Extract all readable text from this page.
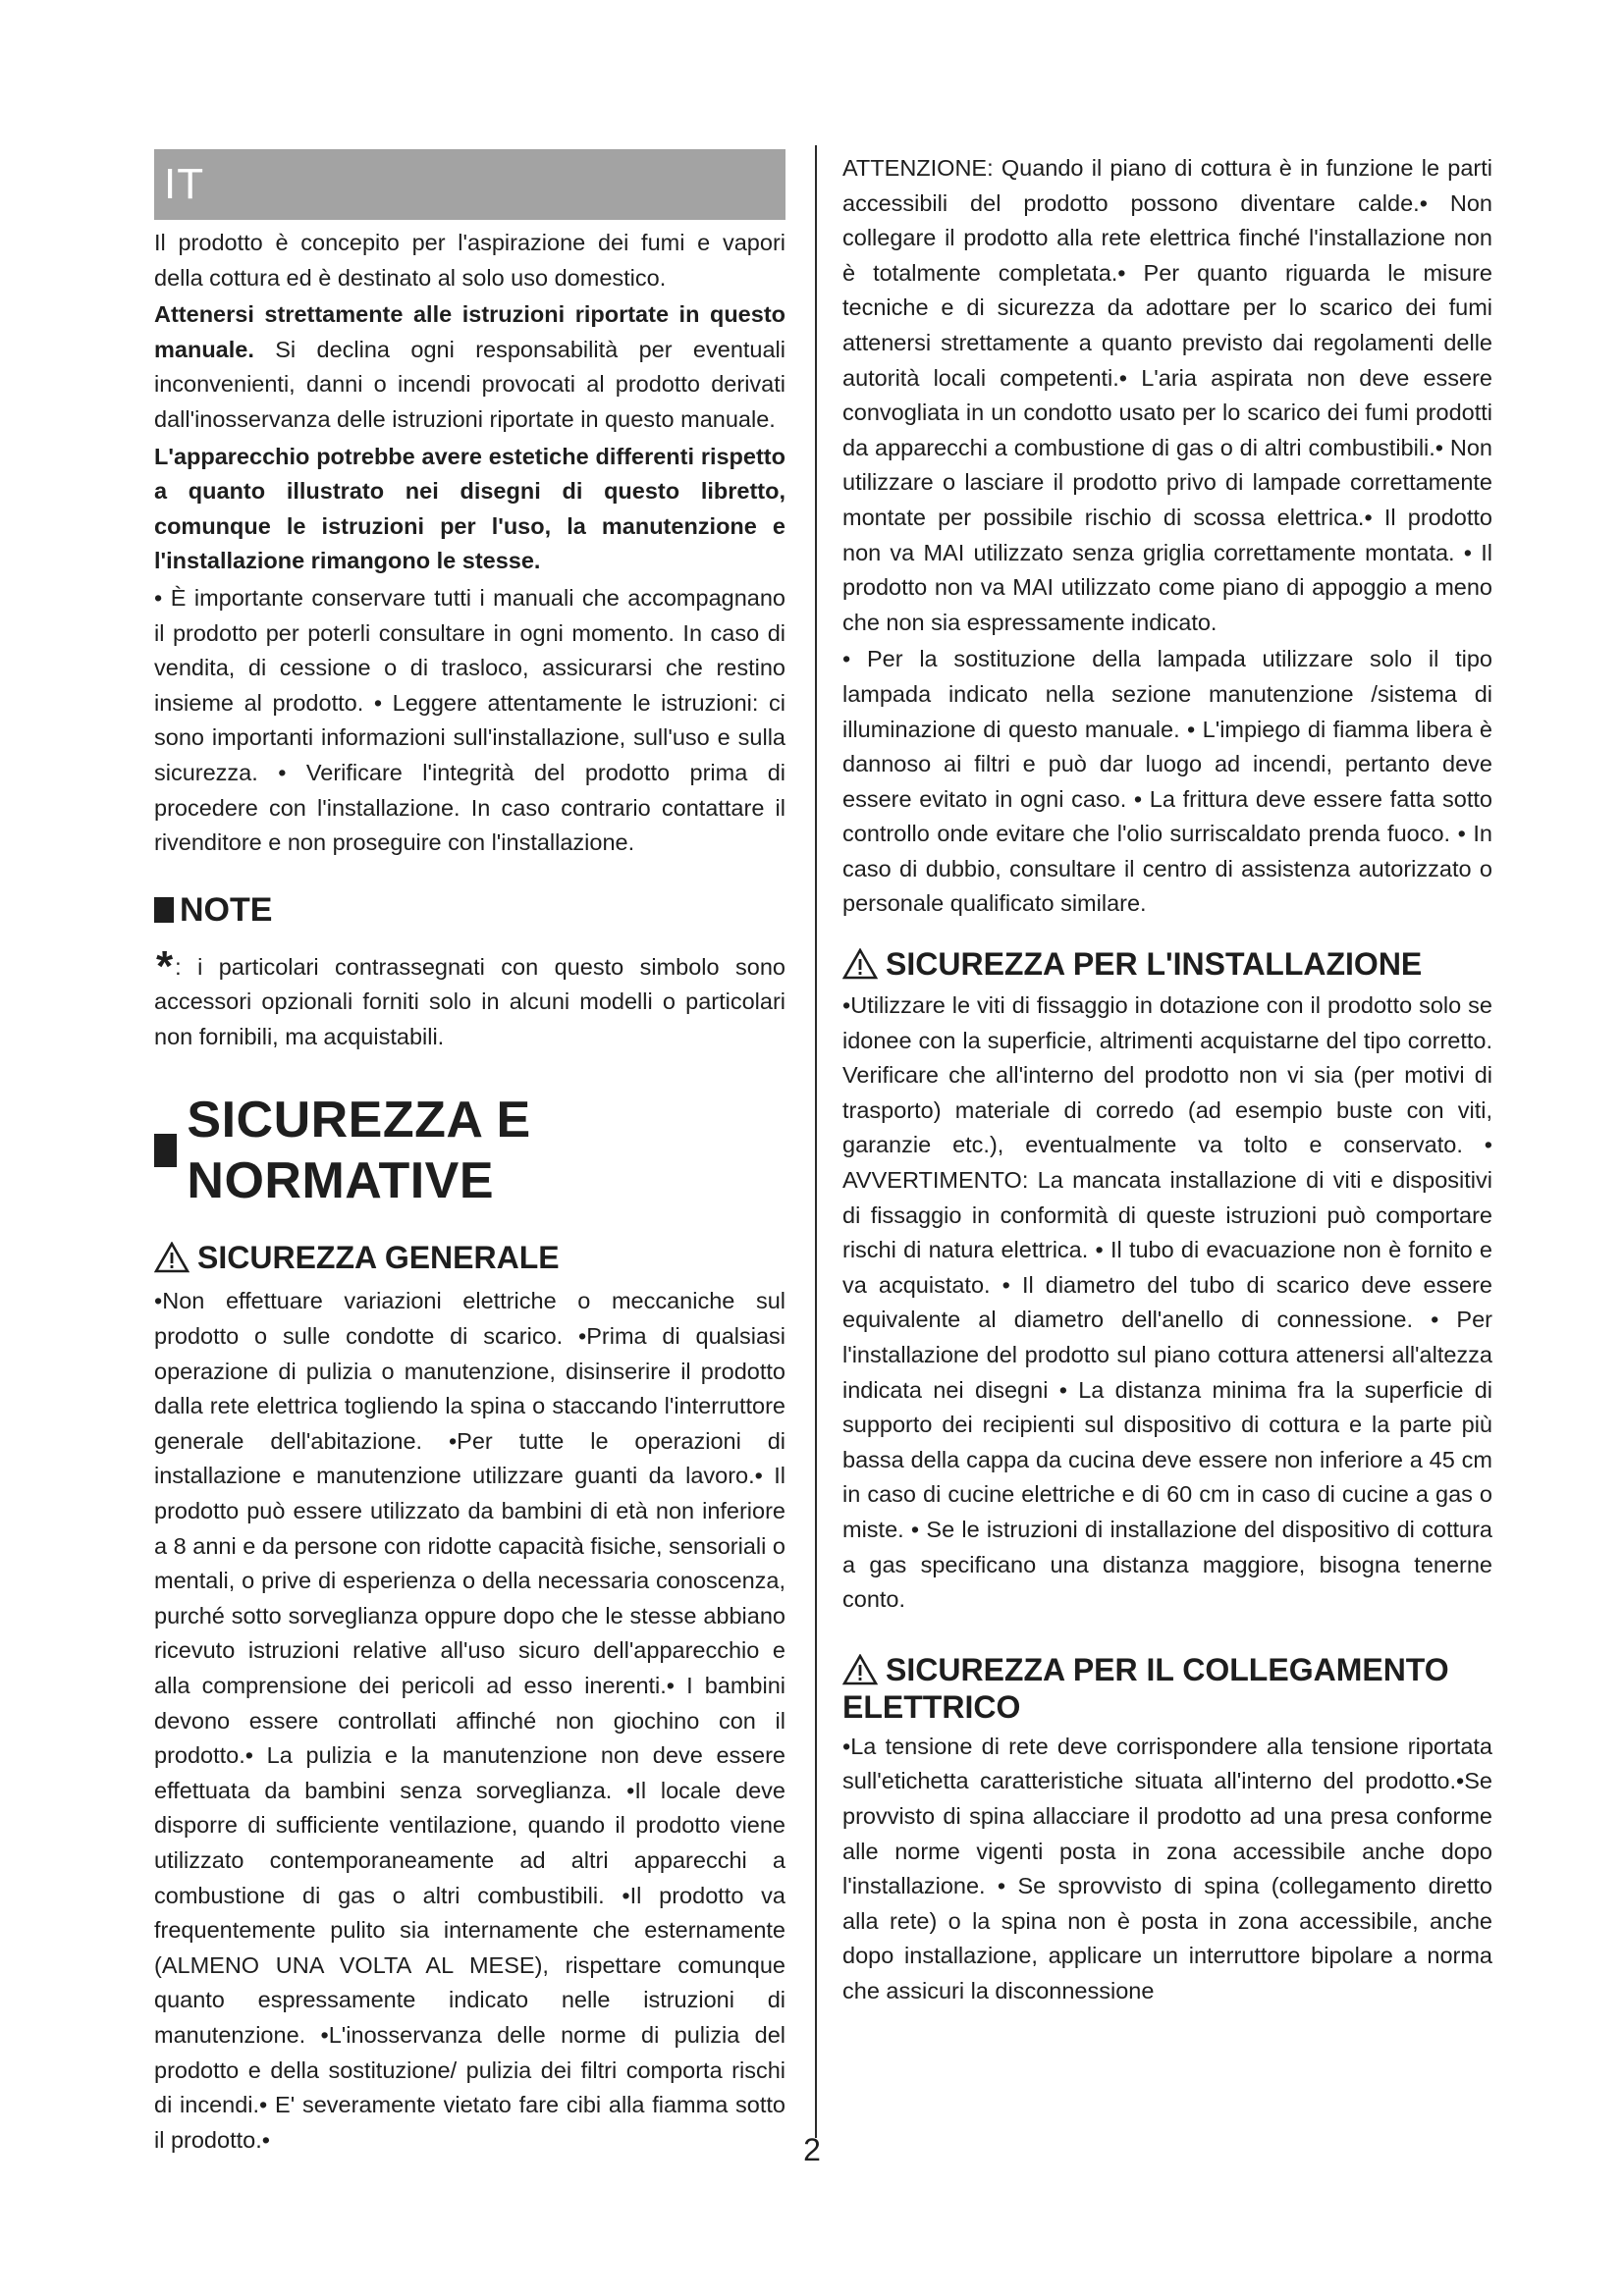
IT

Il prodotto è concepito per l'aspirazione dei fumi e vapori della cottura ed è destinato al solo uso domestico.

Attenersi strettamente alle istruzioni riportate in questo manuale. Si declina ogni responsabilità per eventuali inconvenienti, danni o incendi provocati al prodotto derivati dall'inosservanza delle istruzioni riportate in questo manuale.

L'apparecchio potrebbe avere estetiche differenti rispetto a quanto illustrato nei disegni di questo libretto, comunque le istruzioni per l'uso, la manutenzione e l'installazione rimangono le stesse.

• È importante conservare tutti i manuali che accompagnano il prodotto per poterli consultare in ogni momento. In caso di vendita, di cessione o di trasloco, assicurarsi che restino insieme al prodotto. • Leggere attentamente le istruzioni: ci sono importanti informazioni sull'installazione, sull'uso e sulla sicurezza. • Verificare l'integrità del prodotto prima di procedere con l'installazione. In caso contrario contattare il rivenditore e non proseguire con l'installazione.

NOTE

*: i particolari contrassegnati con questo simbolo sono accessori opzionali forniti solo in alcuni modelli o particolari non fornibili, ma acquistabili.

SICUREZZA E NORMATIVE
SICUREZZA GENERALE

•Non effettuare variazioni elettriche o meccaniche sul prodotto o sulle condotte di scarico. •Prima di qualsiasi operazione di pulizia o manutenzione, disinserire il prodotto dalla rete elettrica togliendo la spina o staccando l'interruttore generale dell'abitazione. •Per tutte le operazioni di installazione e manutenzione utilizzare guanti da lavoro.• Il prodotto può essere utilizzato da bambini di età non inferiore a 8 anni e da persone con ridotte capacità fisiche, sensoriali o mentali, o prive di esperienza o della necessaria conoscenza, purché sotto sorveglianza oppure dopo che le stesse abbiano ricevuto istruzioni relative all'uso sicuro dell'apparecchio e alla comprensione dei pericoli ad esso inerenti.• I bambini devono essere controllati affinché non giochino con il prodotto.• La pulizia e la manutenzione non deve essere effettuata da bambini senza sorveglianza. •Il locale deve disporre di sufficiente ventilazione, quando il prodotto viene utilizzato contemporaneamente ad altri apparecchi a combustione di gas o altri combustibili. •Il prodotto va frequentemente pulito sia internamente che esternamente (ALMENO UNA VOLTA AL MESE), rispettare comunque quanto espressamente indicato nelle istruzioni di manutenzione. •L'inosservanza delle norme di pulizia del prodotto e della sostituzione/ pulizia dei filtri comporta rischi di incendi.• E' severamente vietato fare cibi alla fiamma sotto il prodotto.•

ATTENZIONE: Quando il piano di cottura è in funzione le parti accessibili del prodotto possono diventare calde.• Non collegare il prodotto alla rete elettrica finché l'installazione non è totalmente completata.• Per quanto riguarda le misure tecniche e di sicurezza da adottare per lo scarico dei fumi attenersi strettamente a quanto previsto dai regolamenti delle autorità locali competenti.• L'aria aspirata non deve essere convogliata in un condotto usato per lo scarico dei fumi prodotti da apparecchi a combustione di gas o di altri combustibili.• Non utilizzare o lasciare il prodotto privo di lampade correttamente montate per possibile rischio di scossa elettrica.• Il prodotto non va MAI utilizzato senza griglia correttamente montata. • Il prodotto non va MAI utilizzato come piano di appoggio a meno che non sia espressamente indicato.

• Per la sostituzione della lampada utilizzare solo il tipo lampada indicato nella sezione manutenzione /sistema di illuminazione di questo manuale. • L'impiego di fiamma libera è dannoso ai filtri e può dar luogo ad incendi, pertanto deve essere evitato in ogni caso. • La frittura deve essere fatta sotto controllo onde evitare che l'olio surriscaldato prenda fuoco. • In caso di dubbio, consultare il centro di assistenza autorizzato o personale qualificato similare.

SICUREZZA PER L'INSTALLAZIONE

•Utilizzare le viti di fissaggio in dotazione con il prodotto solo se idonee con la superficie, altrimenti acquistarne del tipo corretto. Verificare che all'interno del prodotto non vi sia (per motivi di trasporto) materiale di corredo (ad esempio buste con viti, garanzie etc.), eventualmente va tolto e conservato. • AVVERTIMENTO: La mancata installazione di viti e dispositivi di fissaggio in conformità di queste istruzioni può comportare rischi di natura elettrica. • Il tubo di evacuazione non è fornito e va acquistato. • Il diametro del tubo di scarico deve essere equivalente al diametro dell'anello di connessione. • Per l'installazione del prodotto sul piano cottura attenersi all'altezza indicata nei disegni • La distanza minima fra la superficie di supporto dei recipienti sul dispositivo di cottura e la parte più bassa della cappa da cucina deve essere non inferiore a 45 cm in caso di cucine elettriche e di 60 cm in caso di cucine a gas o miste. • Se le istruzioni di installazione del dispositivo di cottura a gas specificano una distanza maggiore, bisogna tenerne conto.

SICUREZZA PER IL COLLEGAMENTO
ELETTRICO

•La tensione di rete deve corrispondere alla tensione riportata sull'etichetta caratteristiche situata all'interno del prodotto.•Se provvisto di spina allacciare il prodotto ad una presa conforme alle norme vigenti posta in zona accessibile anche dopo l'installazione. • Se sprovvisto di spina (collegamento diretto alla rete) o la spina non è posta in zona accessibile, anche dopo installazione, applicare un interruttore bipolare a norma che assicuri la disconnessione

2
